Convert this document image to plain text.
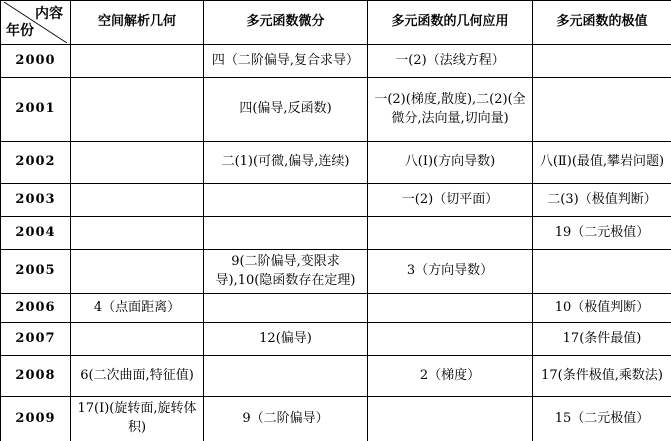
内容
年份	空间解析几何	多元函数微分	多元函数的几何应用	多元函数的极值
2000		四（二阶偏导,复合求导）	一(2)（法线方程）	
2001		四(偏导,反函数)	一(2)(梯度,散度),二(2)(全微分,法向量,切向量)	
2002		二(1)(可微,偏导,连续)	八(Ⅰ)(方向导数)	八(Ⅱ)(最值,攀岩问题)
2003			一(2)（切平面）	二(3)（极值判断）
2004				19（二元极值）
2005		9(二阶偏导,变限求导),10(隐函数存在定理)	3（方向导数）	
2006	4（点面距离）			10（极值判断）
2007		12(偏导)		17(条件最值)
2008	6(二次曲面,特征值)		2（梯度）	17(条件极值,乘数法)
2009	17(Ⅰ)(旋转面,旋转体积)	9（二阶偏导）		15（二元极值）
